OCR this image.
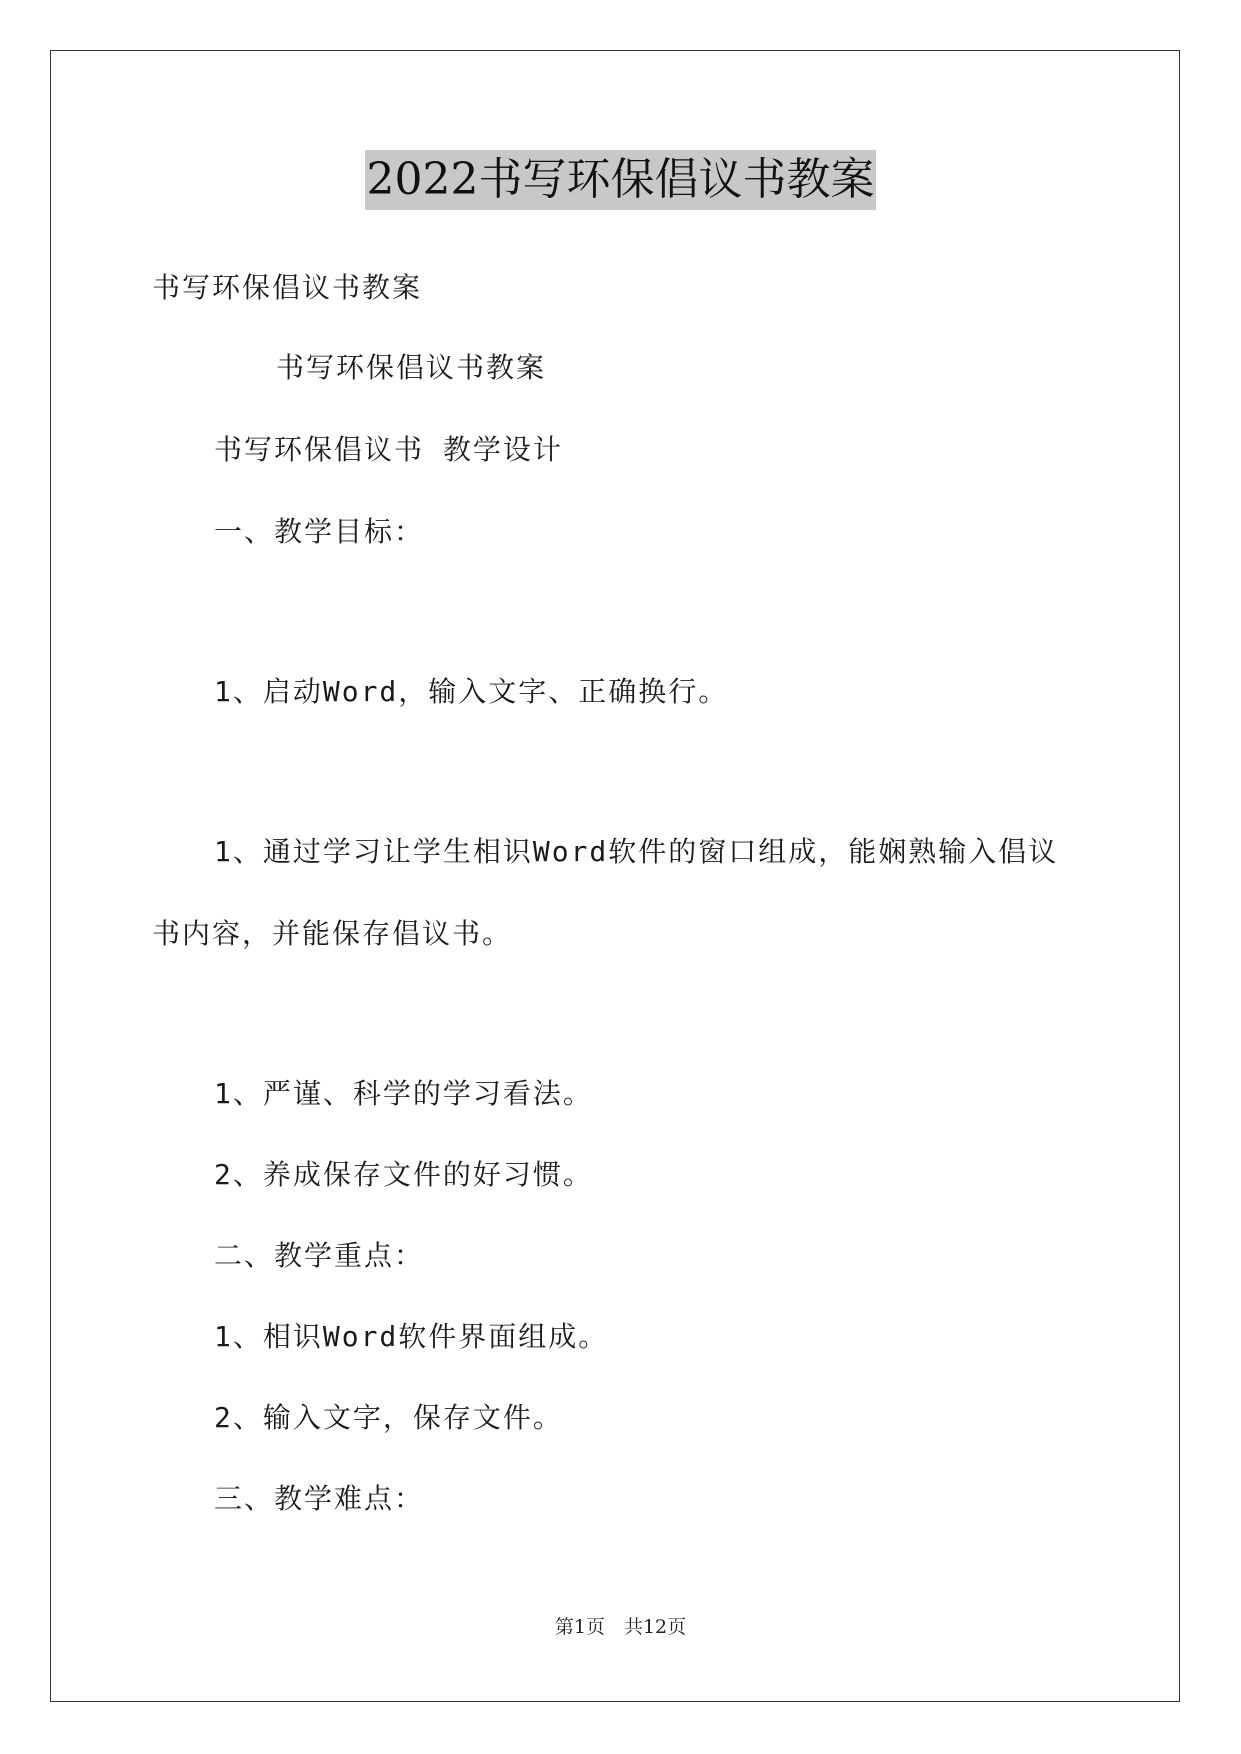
2022书写环保倡议书教案
书写环保倡议书教案
书写环保倡议书教案
书写环保倡议书 教学设计
一、教学目标：
1、启动Word，输入文字、正确换行。
1、通过学习让学生相识Word软件的窗口组成，能娴熟输入倡议
书内容，并能保存倡议书。
1、严谨、科学的学习看法。
2、养成保存文件的好习惯。
二、教学重点：
1、相识Word软件界面组成。
2、输入文字，保存文件。
三、教学难点：
第1页　共12页
